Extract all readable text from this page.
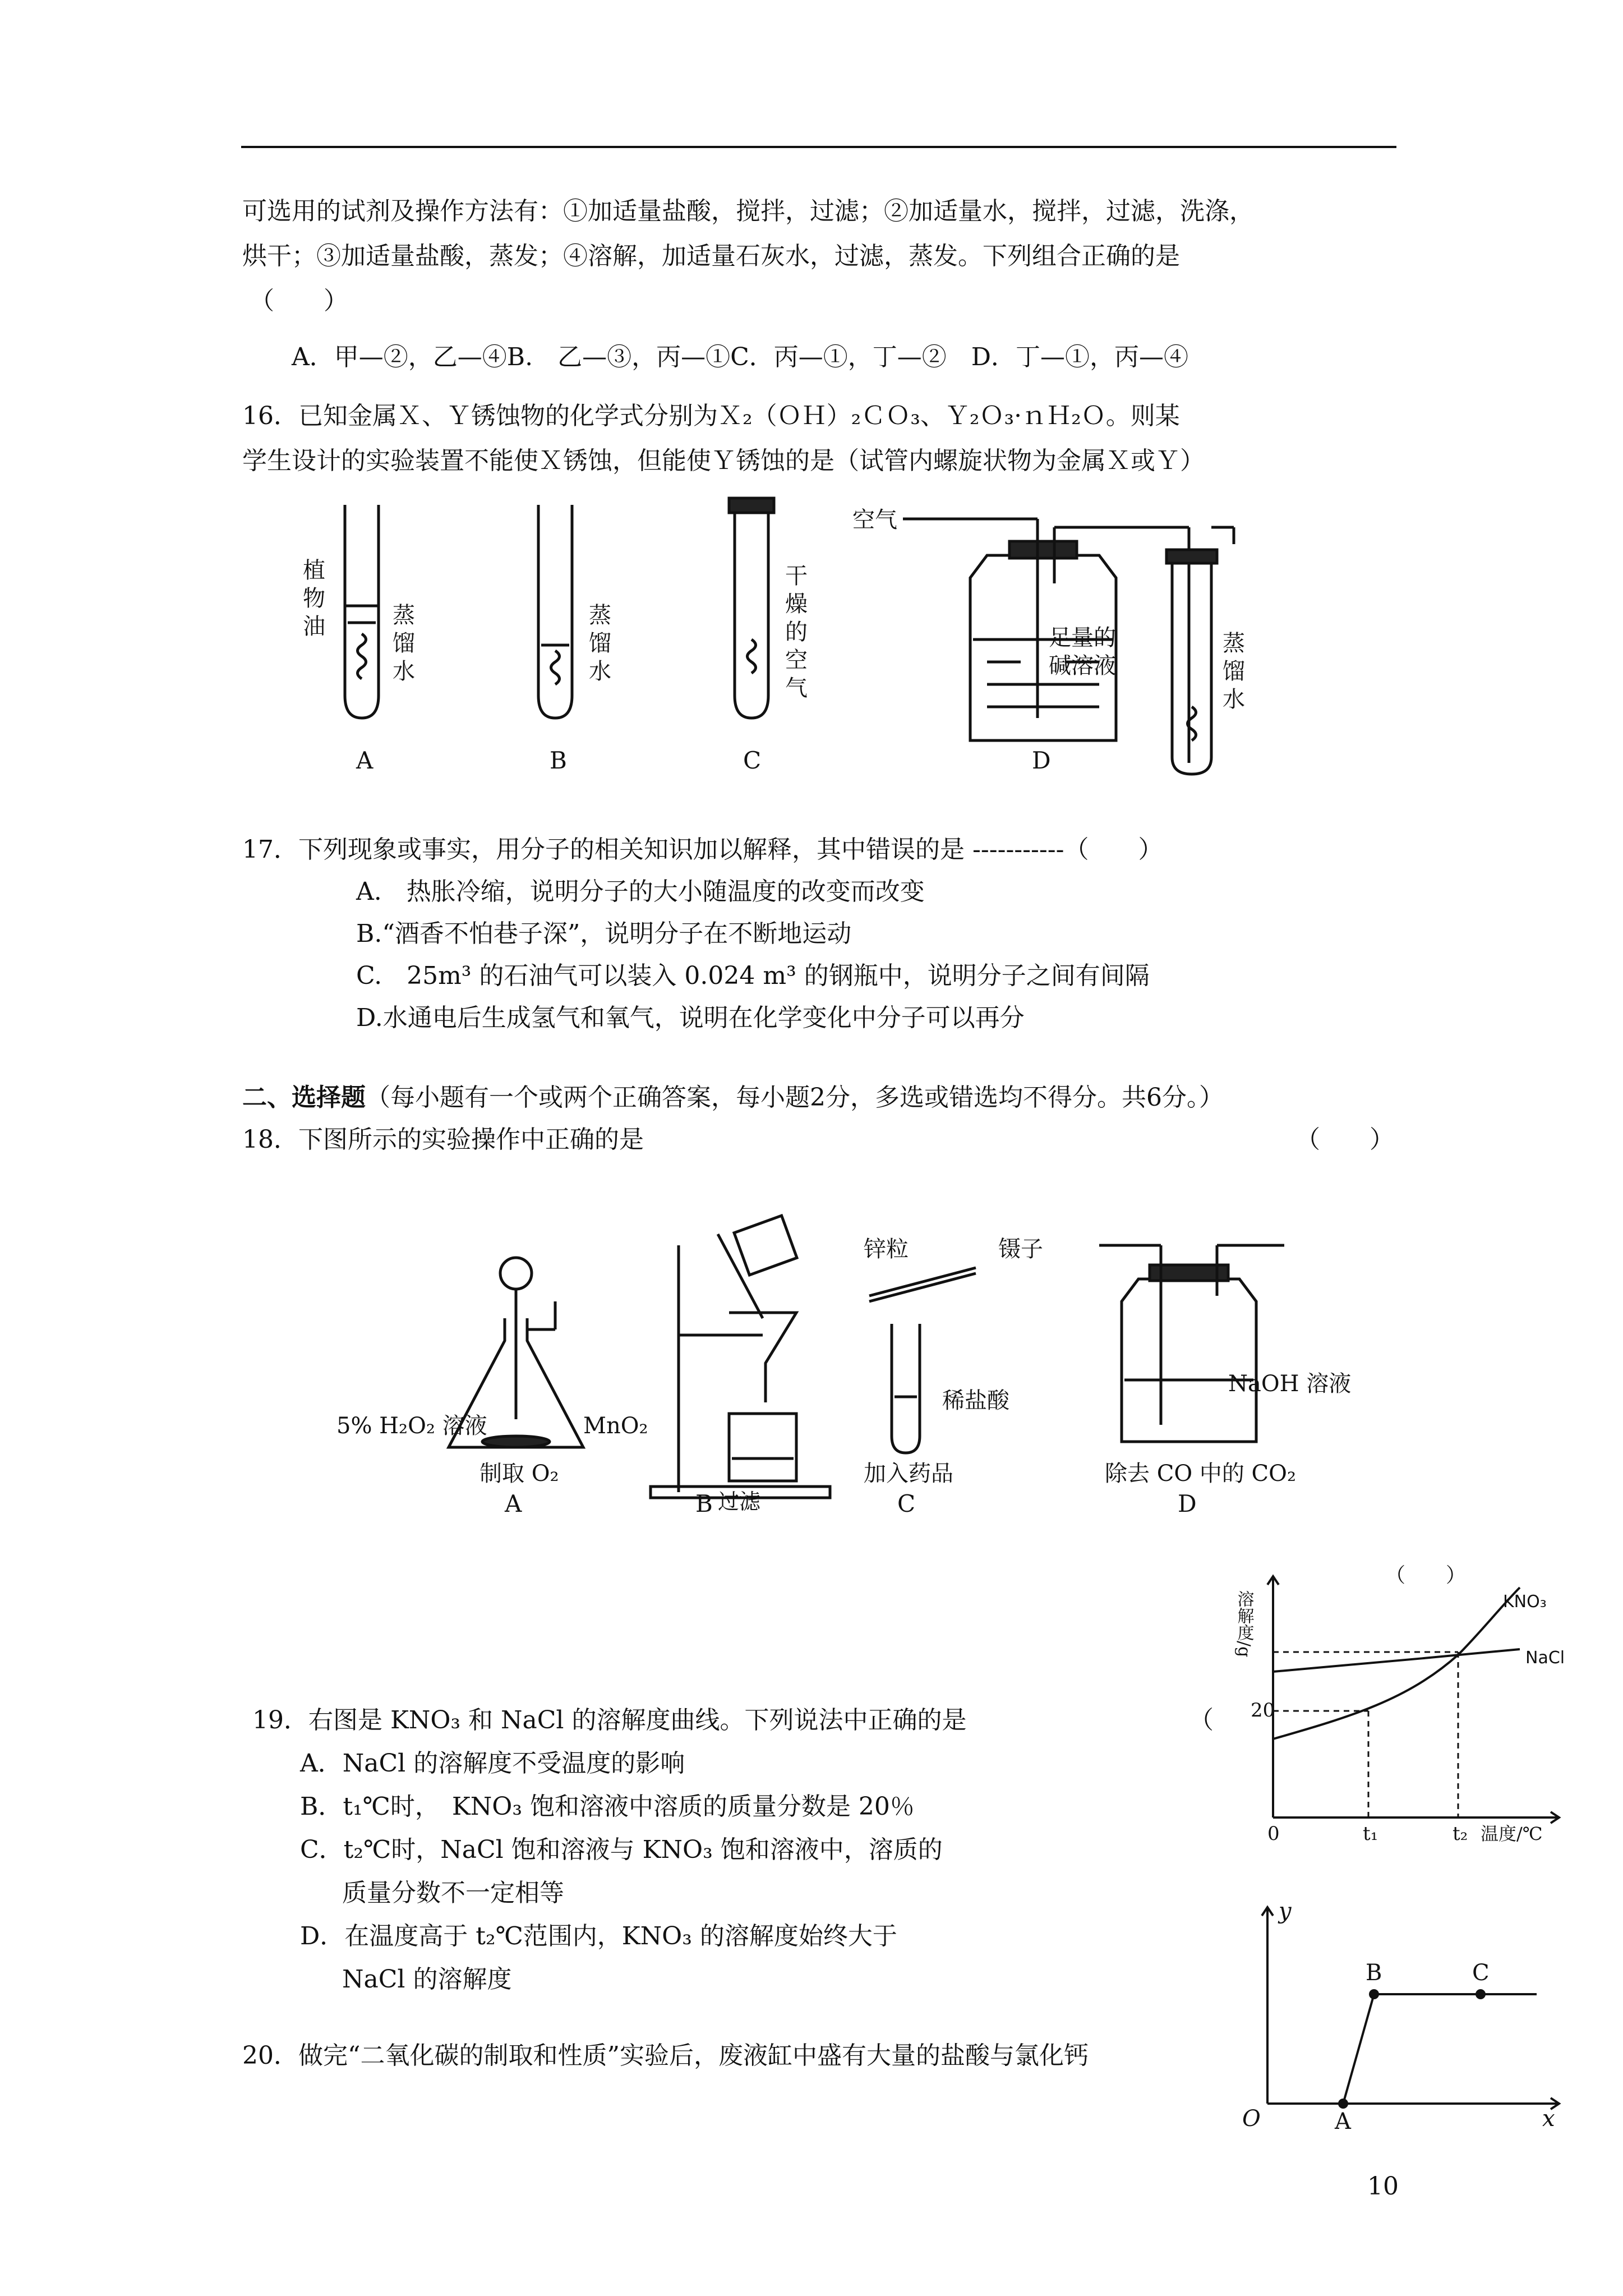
可选用的试剂及操作方法有：①加适量盐酸，搅拌，过滤；②加适量水，搅拌，过滤，洗涤，
烘干；③加适量盐酸，蒸发；④溶解，加适量石灰水，过滤，蒸发。下列组合正确的是
（　　）
A．甲—②，乙—④B.　乙—③，丙—①C．丙—①，丁—②　D．丁—①，丙—④
16．已知金属Ｘ、Ｙ锈蚀物的化学式分别为Ｘ₂（ＯＨ）₂ＣＯ₃、Ｙ₂Ｏ₃·ｎＨ₂Ｏ。则某
学生设计的实验装置不能使Ｘ锈蚀，但能使Ｙ锈蚀的是（试管内螺旋状物为金属Ｘ或Ｙ）
植
物
油	蒸
馏
水
蒸
馏
水
干
燥
的
空
气
空气
足量的
碱溶液
蒸
馏
水
A	B	C	D
17．下列现象或事实，用分子的相关知识加以解释，其中错误的是 -----------（　　）
A.　热胀冷缩，说明分子的大小随温度的改变而改变
B.“酒香不怕巷子深”，说明分子在不断地运动
C.　25m³ 的石油气可以装入 0.024 m³ 的钢瓶中，说明分子之间有间隔
D.水通电后生成氢气和氧气，说明在化学变化中分子可以再分
二、选择题（每小题有一个或两个正确答案，每小题2分，多选或错选均不得分。共6分。）
18．下图所示的实验操作中正确的是	（　　）
5% H₂O₂ 溶液	MnO₂
制取 O₂
A	B 过滤
锌粒	镊子
稀盐酸
加入药品
C
NaOH 溶液
除去 CO 中的 CO₂
D
（　　）
溶解度/g
20
0	t₁	t₂ 温度/℃
KNO₃
NaCl
19．右图是 KNO₃ 和 NaCl 的溶解度曲线。下列说法中正确的是	（
A．NaCl 的溶解度不受温度的影响
B．t₁℃时，　KNO₃ 饱和溶液中溶质的质量分数是 20％
C．t₂℃时，NaCl 饱和溶液与 KNO₃ 饱和溶液中，溶质的
质量分数不一定相等
D．在温度高于 t₂℃范围内，KNO₃ 的溶解度始终大于
NaCl 的溶解度
y
x
O	A
B	C
20．做完“二氧化碳的制取和性质”实验后，废液缸中盛有大量的盐酸与氯化钙
10
